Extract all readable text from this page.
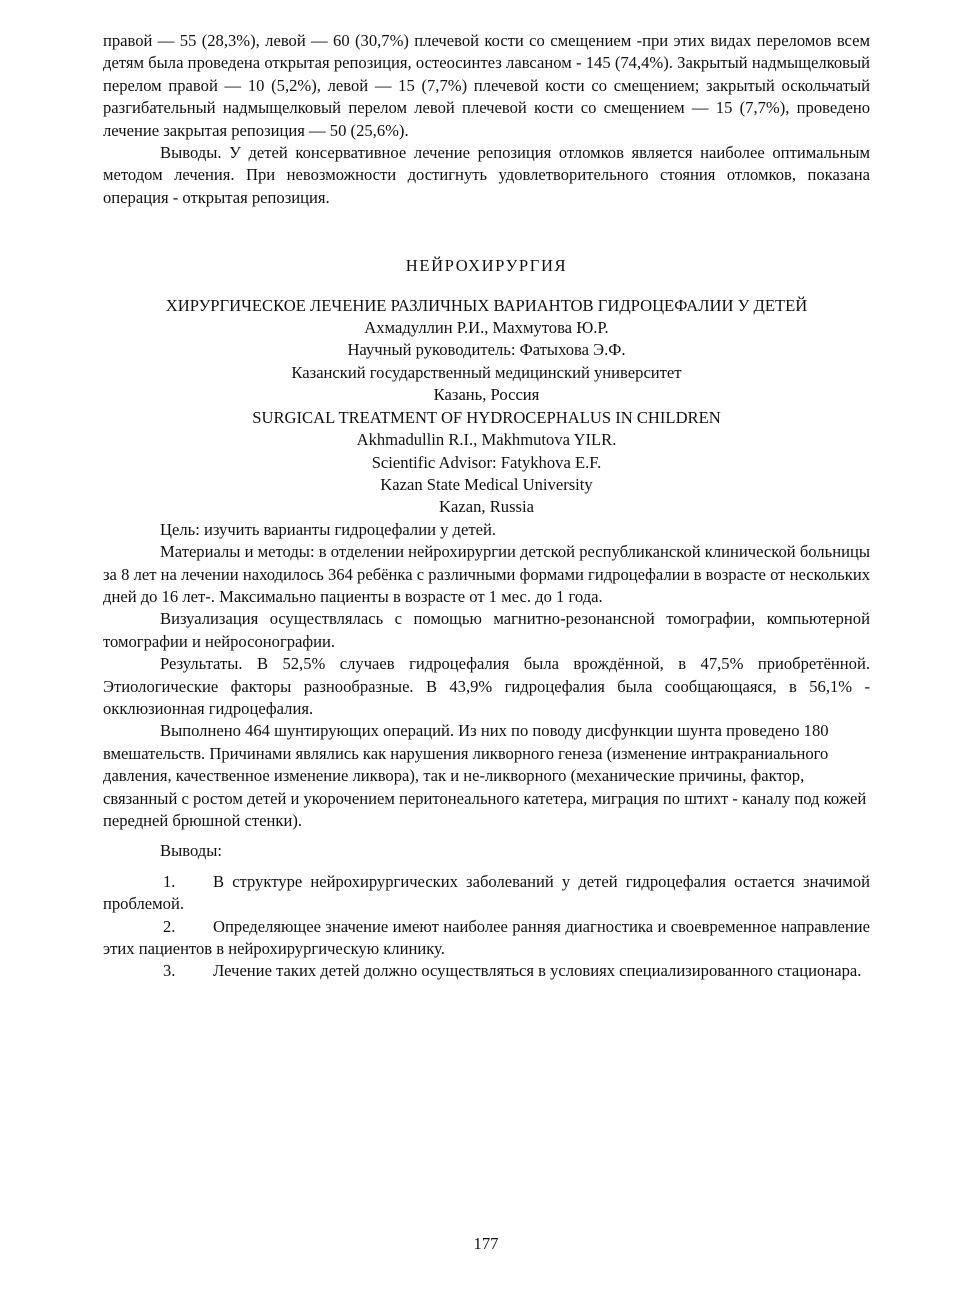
правой — 55 (28,3%), левой — 60 (30,7%) плечевой кости со смещением -при этих видах переломов всем детям была проведена открытая репозиция, остеосинтез лавсаном - 145 (74,4%). Закрытый надмыщелковый перелом правой — 10 (5,2%), левой — 15 (7,7%) плечевой кости со смещением; закрытый оскольчатый разгибательный надмыщелковый перелом левой плечевой кости со смещением — 15 (7,7%), проведено лечение закрытая репозиция — 50 (25,6%).

Выводы. У детей консервативное лечение репозиция отломков является наиболее оптимальным методом лечения. При невозможности достигнуть удовлетворительного стояния отломков, показана операция - открытая репозиция.

НЕЙРОХИРУРГИЯ
ХИРУРГИЧЕСКОЕ ЛЕЧЕНИЕ РАЗЛИЧНЫХ ВАРИАНТОВ ГИДРОЦЕФАЛИИ У ДЕТЕЙ
Ахмадуллин Р.И., Махмутова Ю.Р.
Научный руководитель: Фатыхова Э.Ф.
Казанский государственный медицинский университет
Казань, Россия
SURGICAL TREATMENT OF HYDROCEPHALUS IN CHILDREN
Akhmadullin R.I., Makhmutova YILR.
Scientific Advisor: Fatykhova E.F.
Kazan State Medical University
Kazan, Russia

Цель: изучить варианты гидроцефалии у детей.

Материалы и методы: в отделении нейрохирургии детской республиканской клинической больницы за 8 лет на лечении находилось 364 ребёнка с различными формами гидроцефалии в возрасте от нескольких дней до 16 лет-. Максимально пациенты в возрасте от 1 мес. до 1 года.

Визуализация осуществлялась с помощью магнитно-резонансной томографии, компьютерной томографии и нейросонографии.

Результаты. В 52,5% случаев гидроцефалия была врождённой, в 47,5% приобретённой. Этиологические факторы разнообразные. В 43,9% гидроцефалия была сообщающаяся, в 56,1% - окклюзионная гидроцефалия.

Выполнено 464 шунтирующих операций. Из них по поводу дисфункции шунта проведено 180 вмешательств. Причинами являлись как нарушения ликворного генеза (изменение интракраниального давления, качественное изменение ликвора), так и не-ликворного (механические причины, фактор, связанный с ростом детей и укорочением перитонеального катетера, миграция по штихт - каналу под кожей передней брюшной стенки).

Выводы:

1. В структуре нейрохирургических заболеваний у детей гидроцефалия остается значимой проблемой.

2. Определяющее значение имеют наиболее ранняя диагностика и своевременное направление этих пациентов в нейрохирургическую клинику.

3. Лечение таких детей должно осуществляться в условиях специализированного стационара.

177
